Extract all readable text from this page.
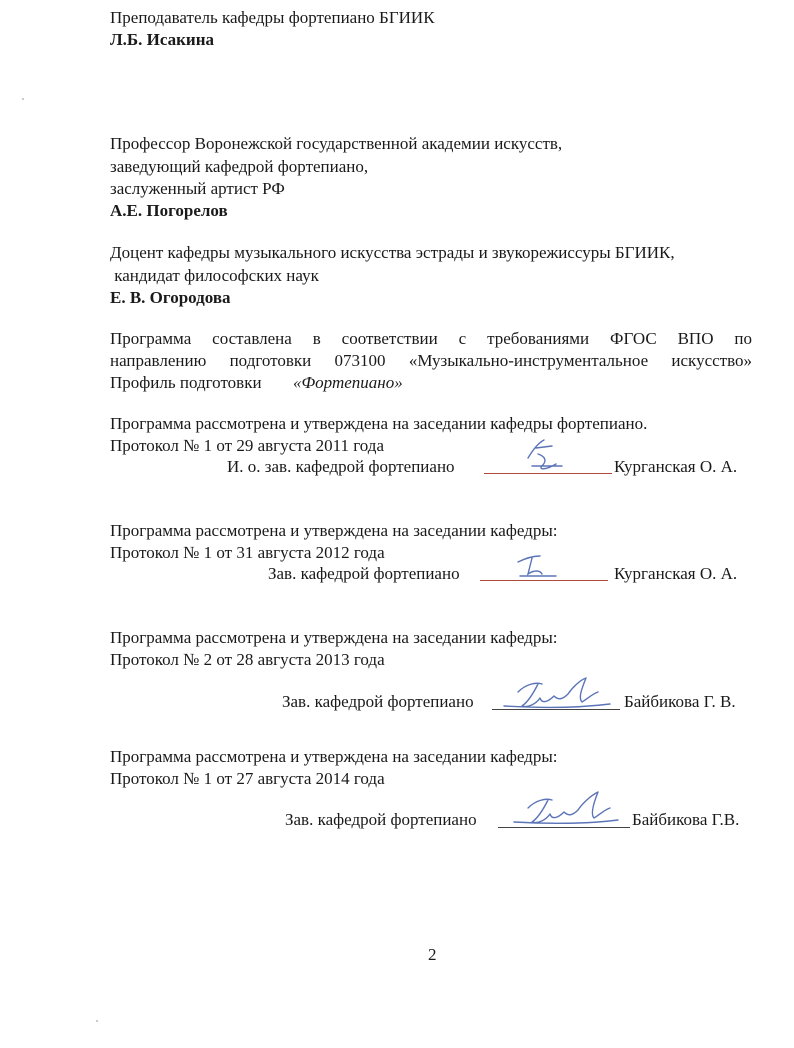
Преподаватель кафедры фортепиано БГИИК
Л.Б. Исакина
Профессор Воронежской государственной академии искусств,
заведующий кафедрой фортепиано,
заслуженный артист РФ
А.Е. Погорелов
Доцент кафедры музыкального искусства эстрады и звукорежиссуры БГИИК,
кандидат философских наук
Е. В. Огородова
Программа составлена в соответствии с требованиями ФГОС ВПО по
направлению подготовки 073100 «Музыкально-инструментальное искусство»
Профиль подготовки «Фортепиано»
Программа рассмотрена и утверждена на заседании кафедры фортепиано.
Протокол № 1 от 29 августа 2011 года
И. о. зав. кафедрой фортепиано	Курганская О. А.
Программа рассмотрена и утверждена на заседании кафедры:
Протокол № 1 от 31 августа 2012 года
Зав. кафедрой фортепиано	Курганская О. А.
Программа рассмотрена и утверждена на заседании кафедры:
Протокол № 2 от 28 августа 2013 года
Зав. кафедрой фортепиано	Байбикова Г. В.
Программа рассмотрена и утверждена на заседании кафедры:
Протокол № 1 от 27 августа 2014 года
Зав. кафедрой фортепиано	Байбикова Г.В.
2
